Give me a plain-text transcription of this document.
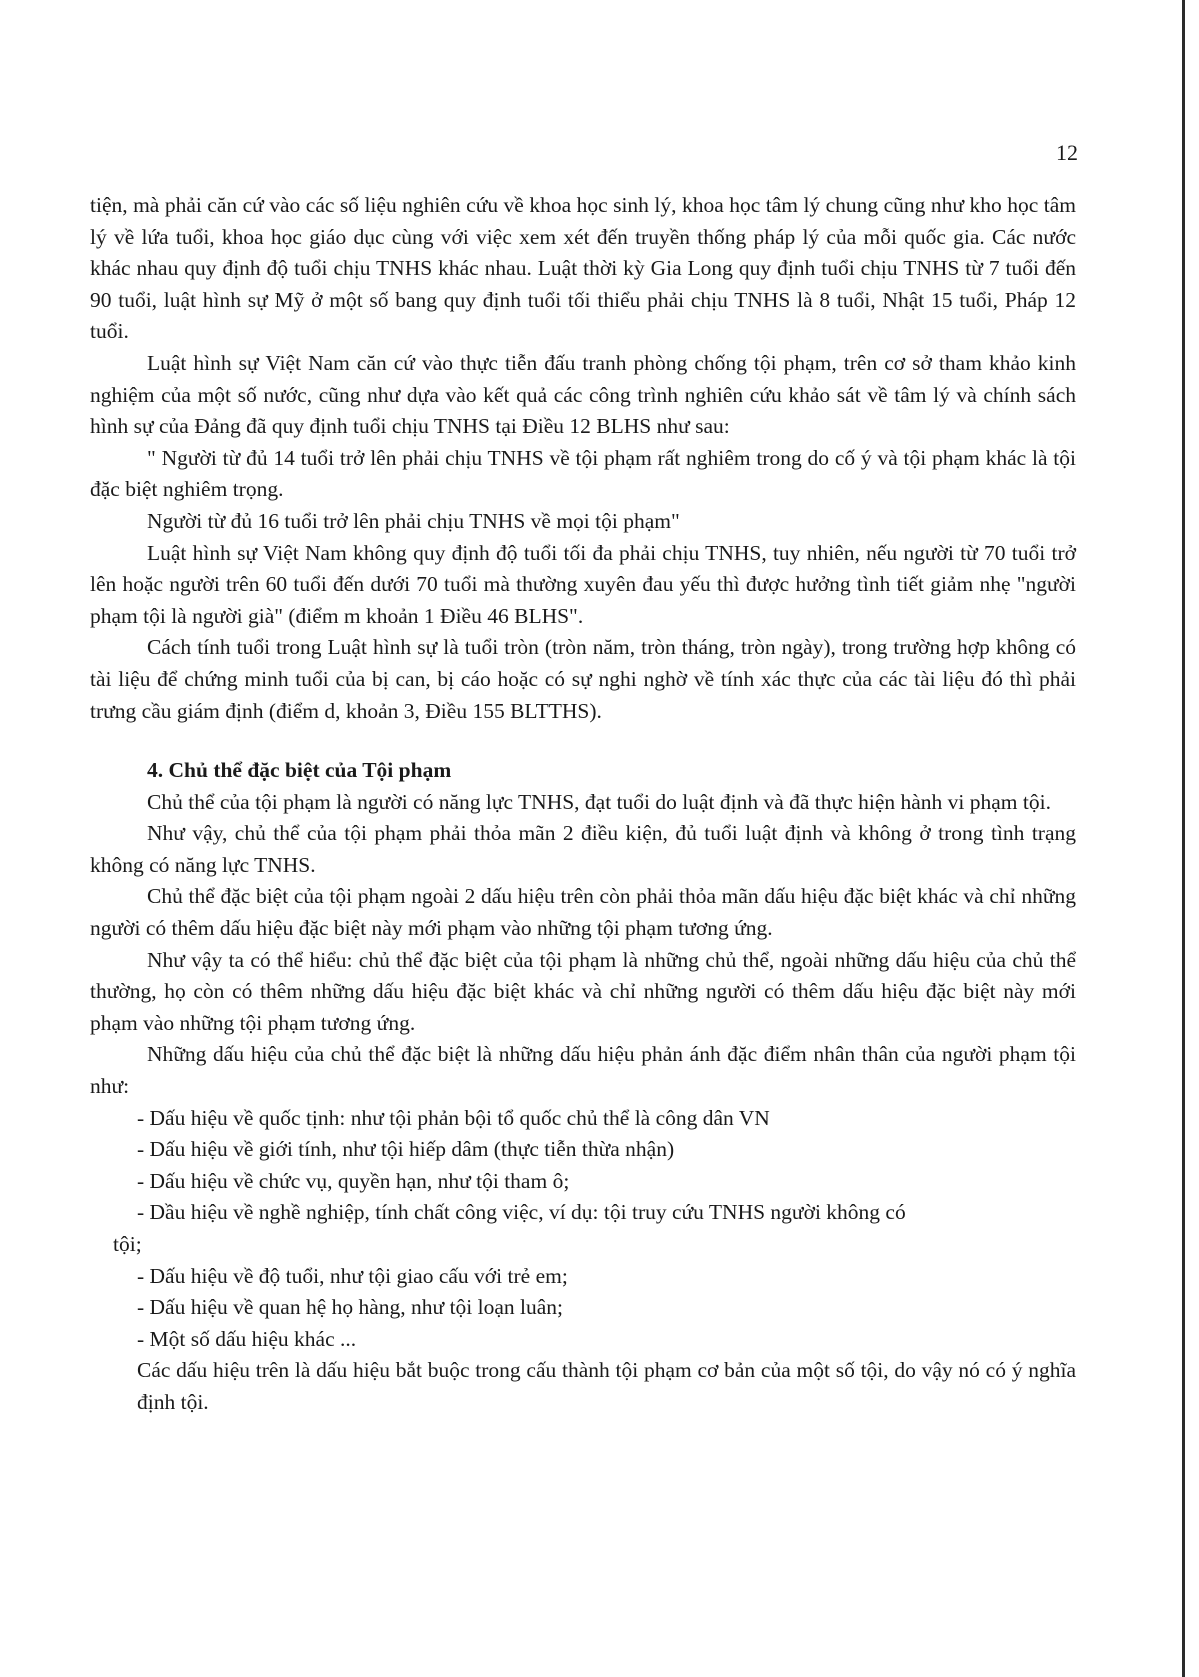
12

tiện, mà phải căn cứ vào các số liệu nghiên cứu về khoa học sinh lý, khoa học tâm lý chung cũng như kho học tâm lý về lứa tuổi, khoa học giáo dục cùng với việc xem xét đến truyền thống pháp lý của mỗi quốc gia. Các nước khác nhau quy định độ tuổi chịu TNHS khác nhau. Luật thời kỳ Gia Long quy định tuổi chịu TNHS từ 7 tuổi đến 90 tuổi, luật hình sự Mỹ ở một số bang quy định tuổi tối thiểu phải chịu TNHS là 8 tuổi, Nhật 15 tuổi, Pháp 12 tuổi.

Luật hình sự Việt Nam căn cứ vào thực tiễn đấu tranh phòng chống tội phạm, trên cơ sở tham khảo kinh nghiệm của một số nước, cũng như dựa vào kết quả các công trình nghiên cứu khảo sát về tâm lý và chính sách hình sự của Đảng đã quy định tuổi chịu TNHS tại Điều 12 BLHS như sau:

" Người từ đủ 14 tuổi trở lên phải chịu TNHS về tội phạm rất nghiêm trong do cố ý và tội phạm khác là tội đặc biệt nghiêm trọng.

Người từ đủ 16 tuổi trở lên phải chịu TNHS về mọi tội phạm"

Luật hình sự Việt Nam không quy định độ tuổi tối đa phải chịu TNHS, tuy nhiên, nếu người từ 70 tuổi trở lên hoặc người trên 60 tuổi đến dưới 70 tuổi mà thường xuyên đau yếu thì được hưởng tình tiết giảm nhẹ "người phạm tội là người già" (điểm m khoản 1 Điều 46 BLHS".

Cách tính tuổi trong Luật hình sự là tuổi tròn (tròn năm, tròn tháng, tròn ngày), trong trường hợp không có tài liệu để chứng minh tuổi của bị can, bị cáo hoặc có sự nghi nghờ về tính xác thực của các tài liệu đó thì phải trưng cầu giám định (điểm d, khoản 3, Điều 155 BLTTHS).

4. Chủ thể đặc biệt của Tội phạm

Chủ thể của tội phạm là người có năng lực TNHS, đạt tuổi do luật định và đã thực hiện hành vi phạm tội.

Như vậy, chủ thể của tội phạm phải thỏa mãn 2 điều kiện, đủ tuổi luật định và không ở trong tình trạng không có năng lực TNHS.

Chủ thể đặc biệt của tội phạm ngoài 2 dấu hiệu trên còn phải thỏa mãn dấu hiệu đặc biệt khác và chỉ những người có thêm dấu hiệu đặc biệt này mới phạm vào những tội phạm tương ứng.

Như vậy ta có thể hiểu: chủ thể đặc biệt của tội phạm là những chủ thể, ngoài những dấu hiệu của chủ thể thường, họ còn có thêm những dấu hiệu đặc biệt khác và chỉ những người có thêm dấu hiệu đặc biệt này mới phạm vào những tội phạm tương ứng.

Những dấu hiệu của chủ thể đặc biệt là những dấu hiệu phản ánh đặc điểm nhân thân của người phạm tội như:

- Dấu hiệu về quốc tịnh: như tội phản bội tổ quốc chủ thể là công dân VN

- Dấu hiệu về giới tính, như tội hiếp dâm (thực tiễn thừa nhận)

- Dấu hiệu về chức vụ, quyền hạn, như tội tham ô;

- Dầu hiệu về nghề nghiệp, tính chất công việc, ví dụ: tội truy cứu TNHS người không có

tội;

- Dấu hiệu về độ tuổi, như tội giao cấu với trẻ em;

- Dấu hiệu về quan hệ họ hàng, như tội loạn luân;

- Một số dấu hiệu khác ...

Các dấu hiệu trên là dấu hiệu bắt buộc trong cấu thành tội phạm cơ bản của một số tội, do vậy nó có ý nghĩa định tội.
